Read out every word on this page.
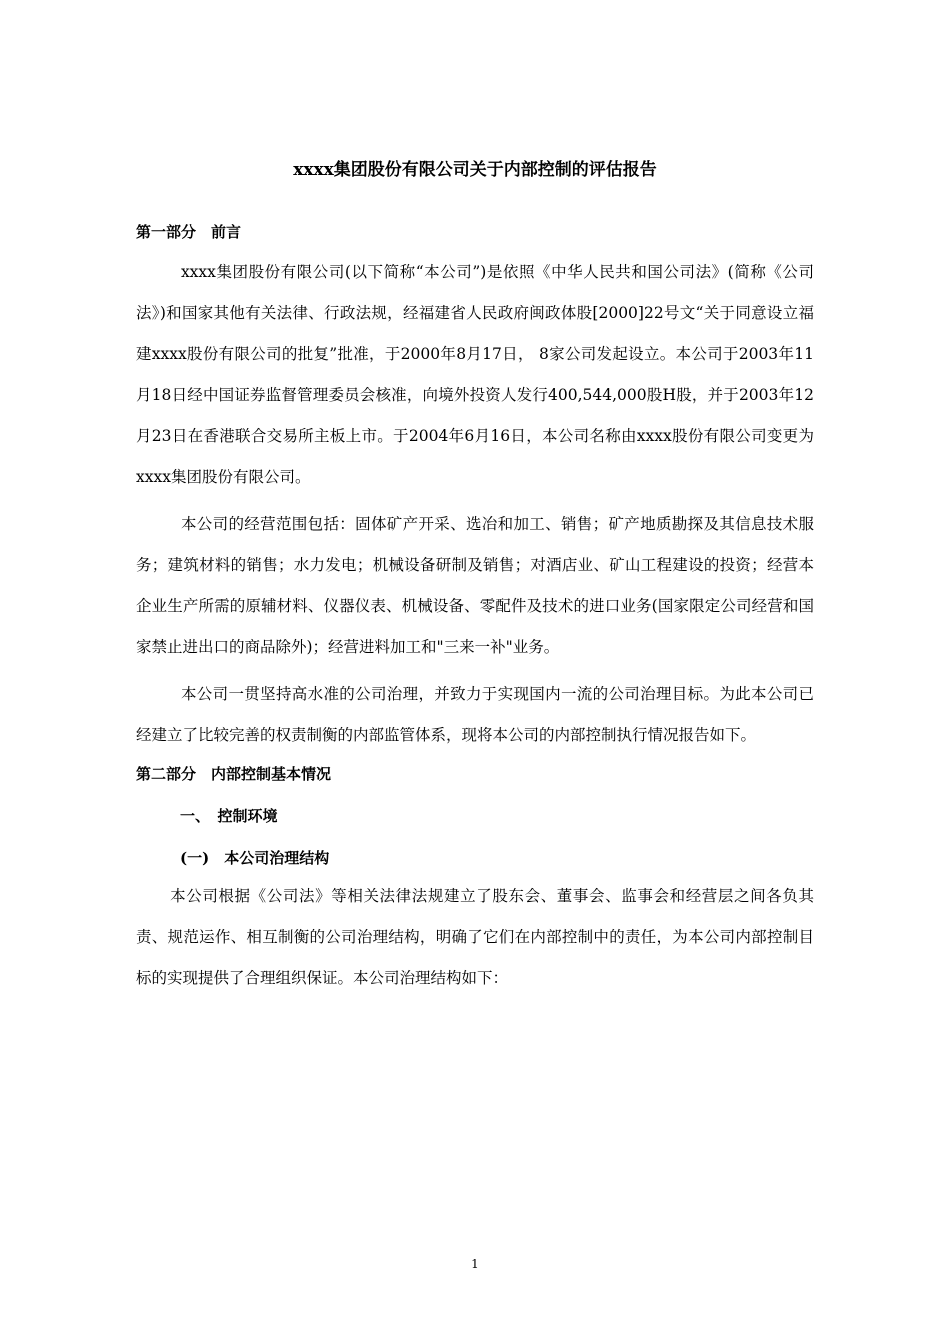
xxxx集团股份有限公司关于内部控制的评估报告

第一部分　前言

xxxx集团股份有限公司(以下简称“本公司”)是依照《中华人民共和国公司法》(简称《公司法》)和国家其他有关法律、行政法规，经福建省人民政府闽政体股[2000]22号文“关于同意设立福建xxxx股份有限公司的批复”批准，于2000年8月17日， 8家公司发起设立。本公司于2003年11月18日经中国证券监督管理委员会核准，向境外投资人发行400,544,000股H股，并于2003年12月23日在香港联合交易所主板上市。于2004年6月16日，本公司名称由xxxx股份有限公司变更为xxxx集团股份有限公司。

本公司的经营范围包括：固体矿产开采、选冶和加工、销售；矿产地质勘探及其信息技术服务；建筑材料的销售；水力发电；机械设备研制及销售；对酒店业、矿山工程建设的投资；经营本企业生产所需的原辅材料、仪器仪表、机械设备、零配件及技术的进口业务(国家限定公司经营和国家禁止进出口的商品除外)；经营进料加工和"三来一补"业务。

本公司一贯坚持高水准的公司治理，并致力于实现国内一流的公司治理目标。为此本公司已经建立了比较完善的权责制衡的内部监管体系，现将本公司的内部控制执行情况报告如下。

第二部分　内部控制基本情况

一、　控制环境

(一)　本公司治理结构

本公司根据《公司法》等相关法律法规建立了股东会、董事会、监事会和经营层之间各负其责、规范运作、相互制衡的公司治理结构，明确了它们在内部控制中的责任，为本公司内部控制目标的实现提供了合理组织保证。本公司治理结构如下：

1
